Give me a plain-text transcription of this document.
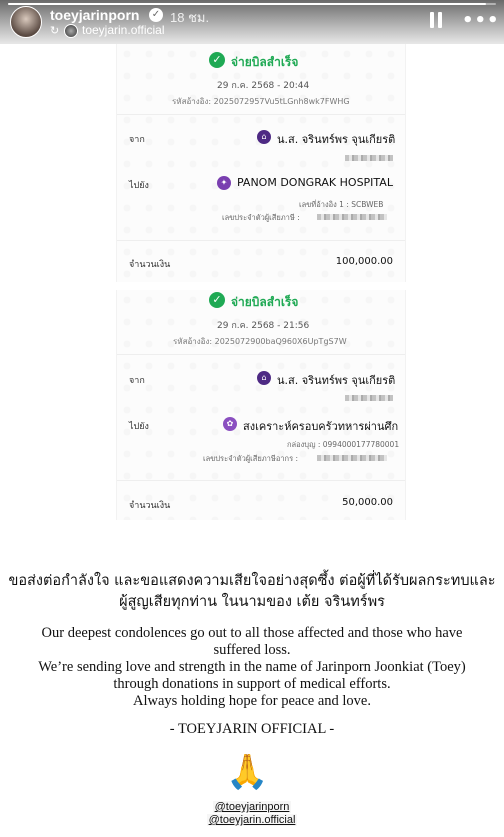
toeyjarinporn ✓ 18 ชม.
↻ toeyjarin.official	•••
✓ จ่ายบิลสำเร็จ
29 ก.ค. 2568 - 20:44
รหัสอ้างอิง: 2025072957Vu5tLGnh8wk7FWHG
จาก	⌂ น.ส. จรินทร์พร จุนเกียรติ
ไปยัง	✦ PANOM DONGRAK HOSPITAL
เลขที่อ้างอิง 1 : SCBWEB
เลขประจำตัวผู้เสียภาษี :
จำนวนเงิน	100,000.00
✓ จ่ายบิลสำเร็จ
29 ก.ค. 2568 - 21:56
รหัสอ้างอิง: 2025072900baQ960X6UpTgS7W
จาก	⌂ น.ส. จรินทร์พร จุนเกียรติ
ไปยัง	✿ สงเคราะห์ครอบครัวทหารผ่านศึก
กล่องบุญ : 0994000177780001
เลขประจำตัวผู้เสียภาษีอากร :
จำนวนเงิน	50,000.00
ขอส่งต่อกำลังใจ และขอแสดงความเสียใจอย่างสุดซึ้ง ต่อผู้ที่ได้รับผลกระทบและ
ผู้สูญเสียทุกท่าน ในนามของ เต้ย จรินทร์พร
Our deepest condolences go out to all those affected and those who have
suffered loss.
We’re sending love and strength in the name of Jarinporn Joonkiat (Toey)
through donations in support of medical efforts.
Always holding hope for peace and love.
- TOEYJARIN OFFICIAL -
🙏
@toeyjarinporn
@toeyjarin.official
